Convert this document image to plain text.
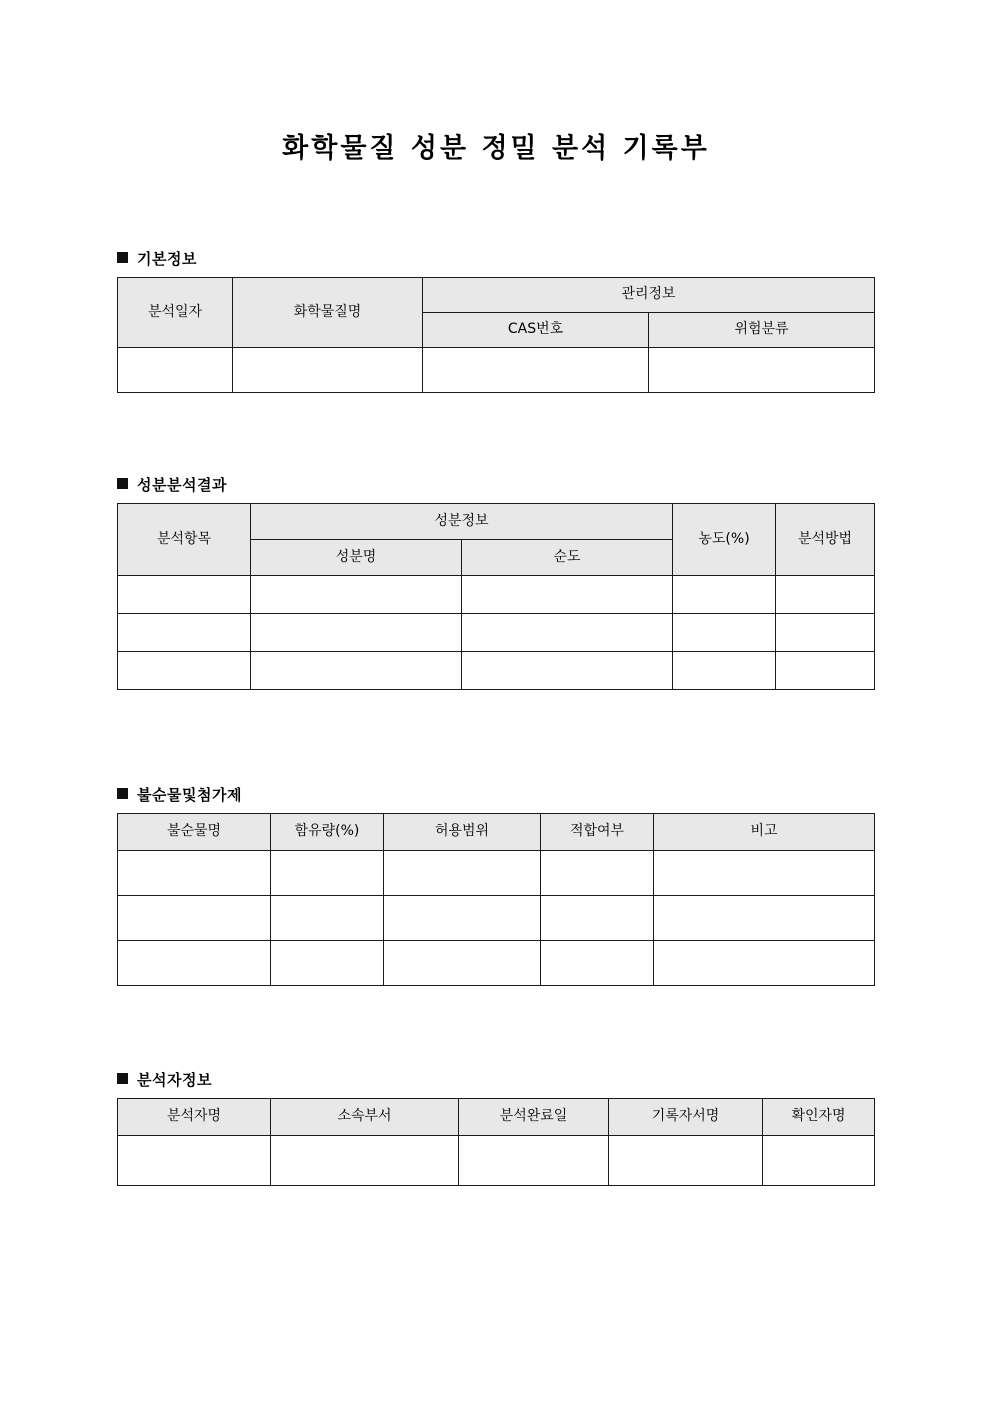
화학물질 성분 정밀 분석 기록부
기본정보
분석일자	화학물질명	관리정보	
		CAS번호	위험분류

성분분석결과
분석항목	성분정보		농도(%)	분석방법
	성분명	순도		

불순물및첨가제
불순물명	함유량(%)	허용범위	적합여부	비고

분석자정보
분석자명	소속부서	분석완료일	기록자서명	확인자명
